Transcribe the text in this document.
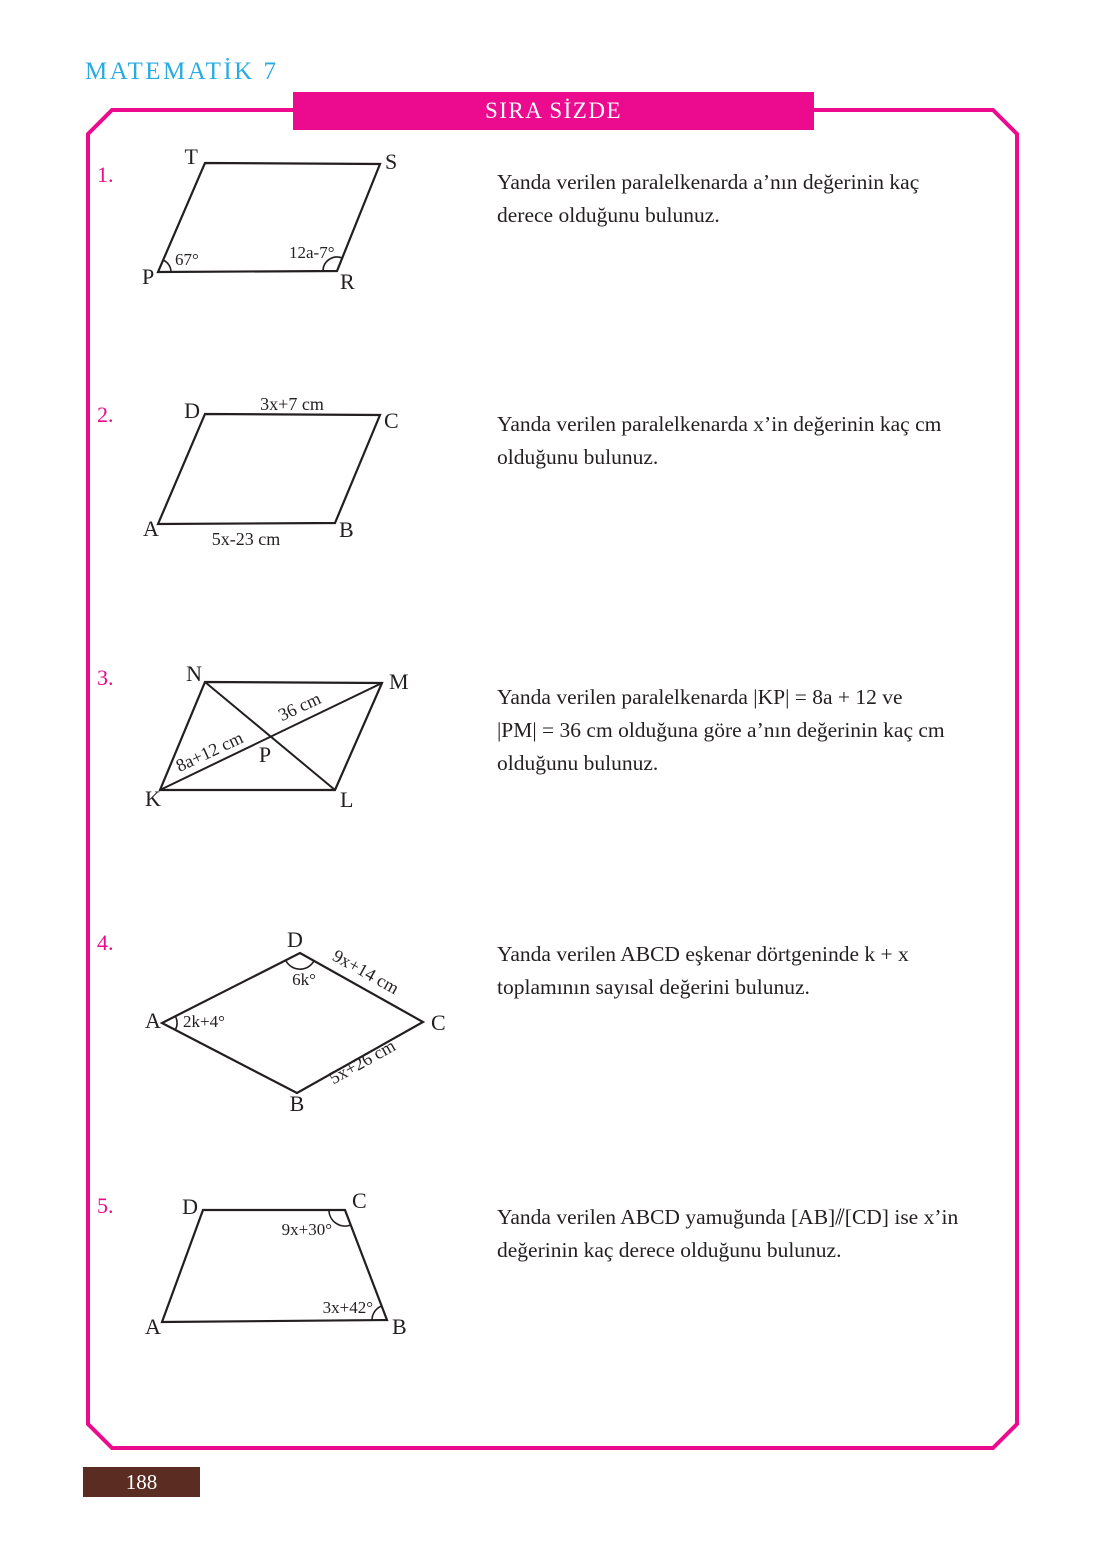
MATEMATİK 7
SIRA SİZDE
1.
T	S
P	R
67°	12a-7°
Yanda verilen paralelkenarda a’nın değerinin kaç
derece olduğunu bulunuz.
2.	D	C
A	B
3x+7 cm
5x-23 cm
Yanda verilen paralelkenarda x’in değerinin kaç cm
olduğunu bulunuz.
3.	N	M
K	L
P
36 cm
8a+12 cm
Yanda verilen paralelkenarda |KP| = 8a + 12 ve
|PM| = 36 cm olduğuna göre a’nın değerinin kaç cm
olduğunu bulunuz.
4.	D
C
B
A
6k°
2k+4°
9x+14 cm
5x+26 cm
Yanda verilen ABCD eşkenar dörtgeninde k + x
toplamının sayısal değerini bulunuz.
5.	D	C
A	B
9x+30°
3x+42°
Yanda verilen ABCD yamuğunda [AB]⫽[CD] ise x’in
değerinin kaç derece olduğunu bulunuz.
188
